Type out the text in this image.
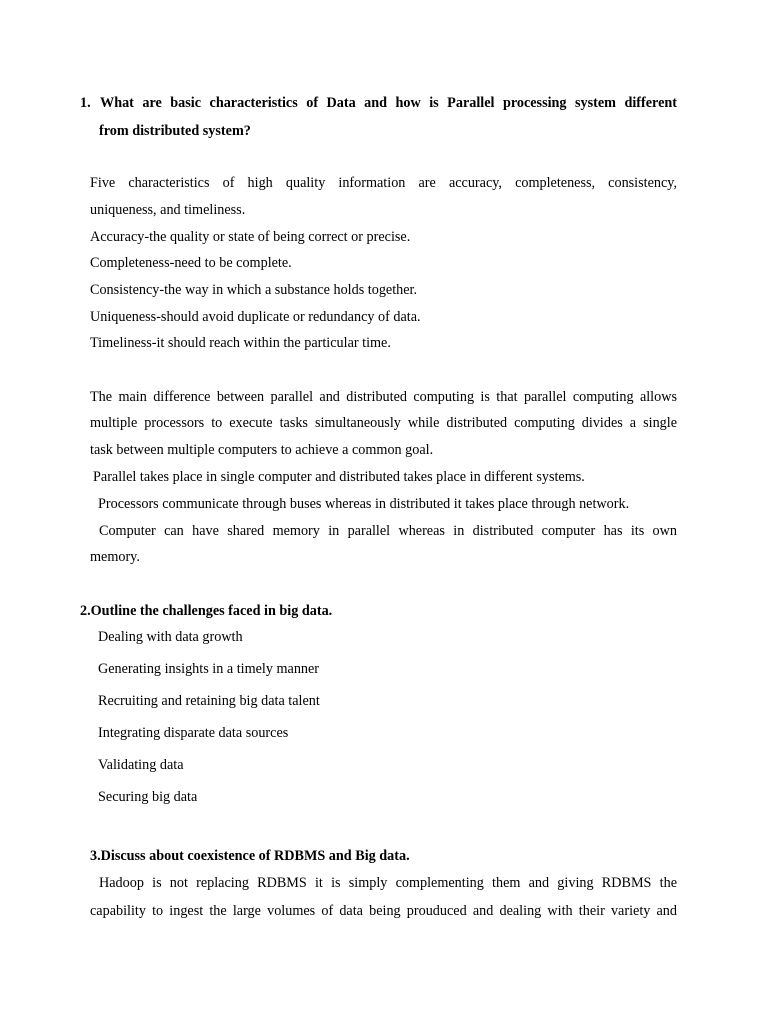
1. What are basic characteristics of Data and how is Parallel processing system different
from distributed system?
Five characteristics of high quality information are accuracy, completeness, consistency,
uniqueness, and timeliness.
Accuracy-the quality or state of being correct or precise.
Completeness-need to be complete.
Consistency-the way in which a substance holds together.
Uniqueness-should avoid duplicate or redundancy of data.
Timeliness-it should reach within the particular time.
The main difference between parallel and distributed computing is that parallel computing allows
multiple processors to execute tasks simultaneously while distributed computing divides a single
task between multiple computers to achieve a common goal.
Parallel takes place in single computer and distributed takes place in different systems.
Processors communicate through buses whereas in distributed it takes place through network.
Computer can have shared memory in parallel whereas in distributed computer has its own
memory.
2.Outline the challenges faced in big data.
Dealing with data growth
Generating insights in a timely manner
Recruiting and retaining big data talent
Integrating disparate data sources
Validating data
Securing big data
3.Discuss about coexistence of RDBMS and Big data.
Hadoop is not replacing RDBMS it is simply complementing them and giving RDBMS the
capability to ingest the large volumes of data being prouduced and dealing with their variety and
